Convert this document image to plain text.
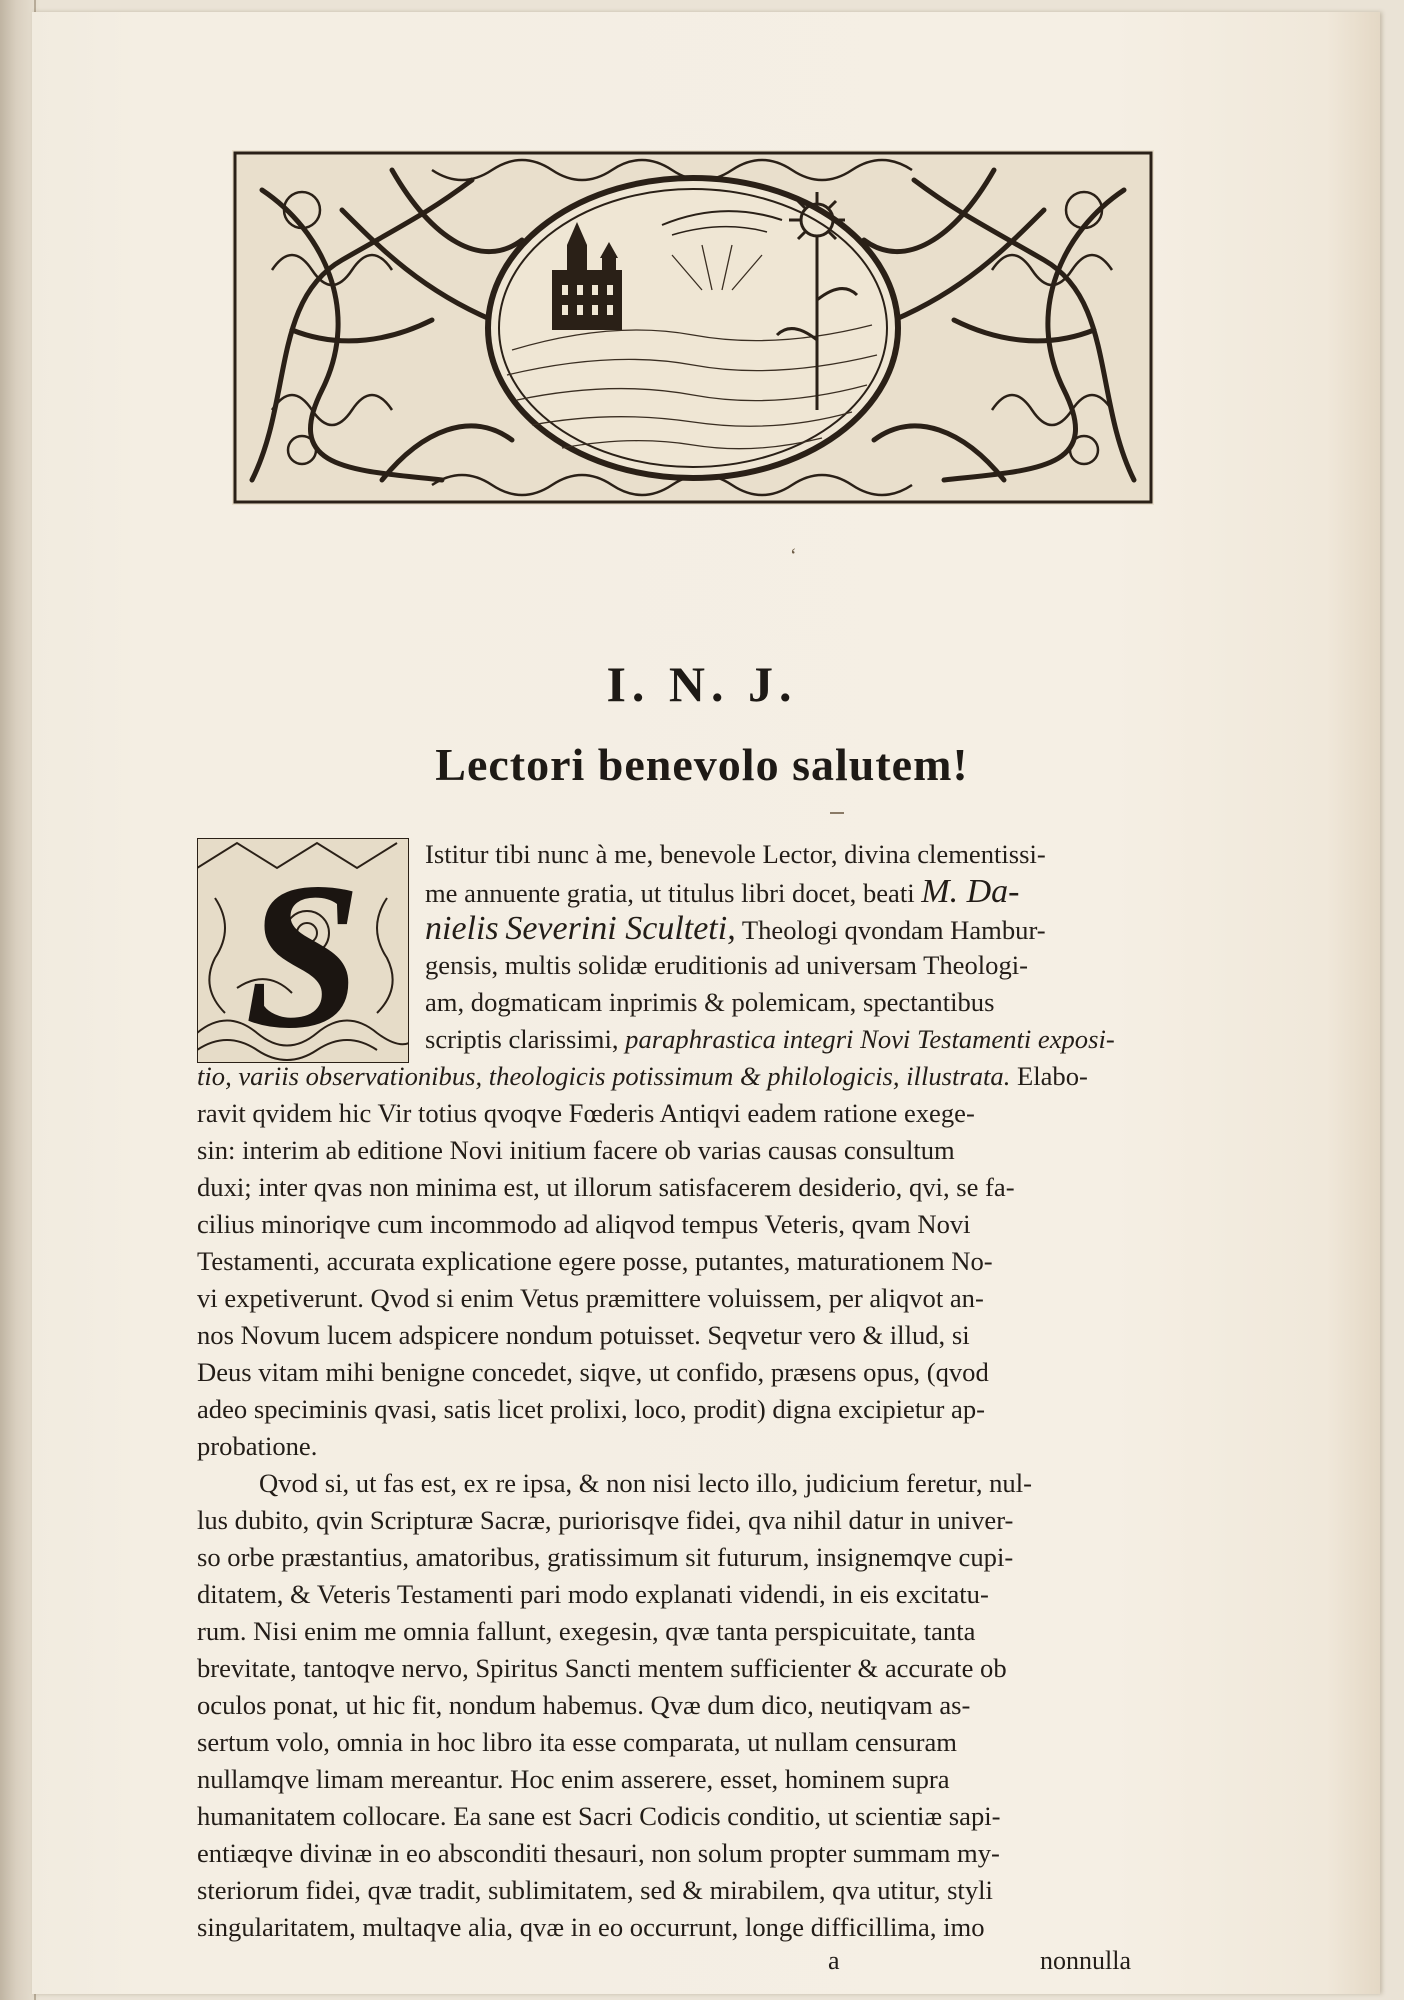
‘
I. N. J.
Lectori benevolo salutem!
S	Istitur tibi nunc à me, benevole Lector, divina clementissi-
me annuente gratia, ut titulus libri docet, beati M. Da-
nielis Severini Sculteti, Theologi qvondam Hambur-
gensis, multis solidæ eruditionis ad universam Theologi-
am, dogmaticam inprimis & polemicam, spectantibus
scriptis clarissimi, paraphrastica integri Novi Testamenti exposi-
tio, variis observationibus, theologicis potissimum & philologicis, illustrata. Elabo-
ravit qvidem hic Vir totius qvoqve Fœderis Antiqvi eadem ratione exege-
sin: interim ab editione Novi initium facere ob varias causas consultum
duxi; inter qvas non minima est, ut illorum satisfacerem desiderio, qvi, se fa-
cilius minoriqve cum incommodo ad aliqvod tempus Veteris, qvam Novi
Testamenti, accurata explicatione egere posse, putantes, maturationem No-
vi expetiverunt. Qvod si enim Vetus præmittere voluissem, per aliqvot an-
nos Novum lucem adspicere nondum potuisset. Seqvetur vero & illud, si
Deus vitam mihi benigne concedet, siqve, ut confido, præsens opus, (qvod
adeo speciminis qvasi, satis licet prolixi, loco, prodit) digna excipietur ap-
probatione.
Qvod si, ut fas est, ex re ipsa, & non nisi lecto illo, judicium feretur, nul-
lus dubito, qvin Scripturæ Sacræ, puriorisqve fidei, qva nihil datur in univer-
so orbe præstantius, amatoribus, gratissimum sit futurum, insignemqve cupi-
ditatem, & Veteris Testamenti pari modo explanati videndi, in eis excitatu-
rum. Nisi enim me omnia fallunt, exegesin, qvæ tanta perspicuitate, tanta
brevitate, tantoqve nervo, Spiritus Sancti mentem sufficienter & accurate ob
oculos ponat, ut hic fit, nondum habemus. Qvæ dum dico, neutiqvam as-
sertum volo, omnia in hoc libro ita esse comparata, ut nullam censuram
nullamqve limam mereantur. Hoc enim asserere, esset, hominem supra
humanitatem collocare. Ea sane est Sacri Codicis conditio, ut scientiæ sapi-
entiæqve divinæ in eo absconditi thesauri, non solum propter summam my-
steriorum fidei, qvæ tradit, sublimitatem, sed & mirabilem, qva utitur, styli
singularitatem, multaqve alia, qvæ in eo occurrunt, longe difficillima, imo
a	nonnulla
